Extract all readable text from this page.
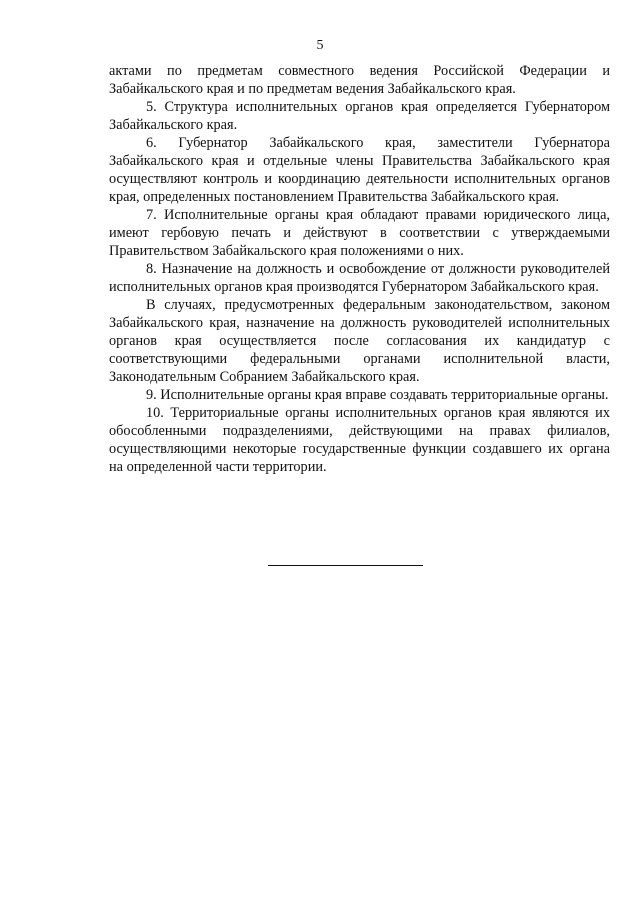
5

актами по предметам совместного ведения Российской Федерации и Забайкальского края и по предметам ведения Забайкальского края.

5. Структура исполнительных органов края определяется Губернатором Забайкальского края.

6. Губернатор Забайкальского края, заместители Губернатора Забайкальского края и отдельные члены Правительства Забайкальского края осуществляют контроль и координацию деятельности исполнительных органов края, определенных постановлением Правительства Забайкальского края.

7. Исполнительные органы края обладают правами юридического лица, имеют гербовую печать и действуют в соответствии с утверждаемыми Правительством Забайкальского края положениями о них.

8. Назначение на должность и освобождение от должности руководителей исполнительных органов края производятся Губернатором Забайкальского края.

В случаях, предусмотренных федеральным законодательством, законом Забайкальского края, назначение на должность руководителей исполнительных органов края осуществляется после согласования их кандидатур с соответствующими федеральными органами исполнительной власти, Законодательным Собранием Забайкальского края.

9. Исполнительные органы края вправе создавать территориальные органы.

10. Территориальные органы исполнительных органов края являются их обособленными подразделениями, действующими на правах филиалов, осуществляющими некоторые государственные функции создавшего их органа на определенной части территории.
